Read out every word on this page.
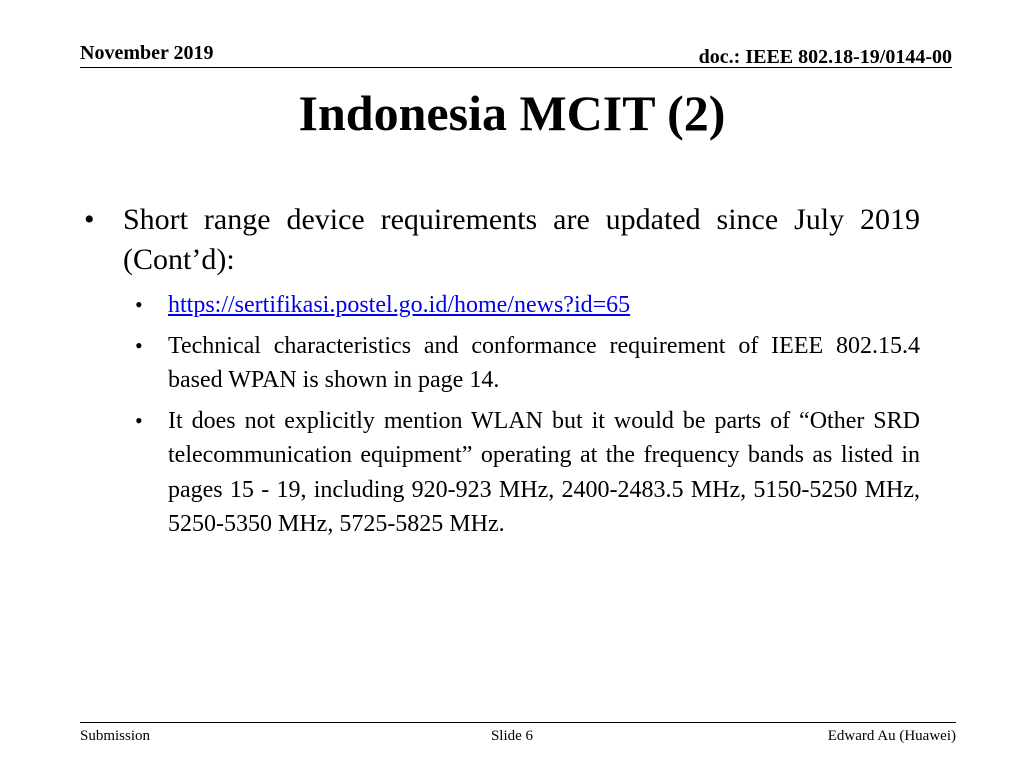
November 2019	doc.: IEEE 802.18-19/0144-00
Indonesia MCIT (2)
• Short range device requirements are updated since July 2019 (Cont’d):
• https://sertifikasi.postel.go.id/home/news?id=65
• Technical characteristics and conformance requirement of IEEE 802.15.4 based WPAN is shown in page 14.
• It does not explicitly mention WLAN but it would be parts of “Other SRD telecommunication equipment” operating at the frequency bands as listed in pages 15 - 19, including 920-923 MHz, 2400-2483.5 MHz, 5150-5250 MHz, 5250-5350 MHz, 5725-5825 MHz.
Submission	Slide 6	Edward Au (Huawei)
